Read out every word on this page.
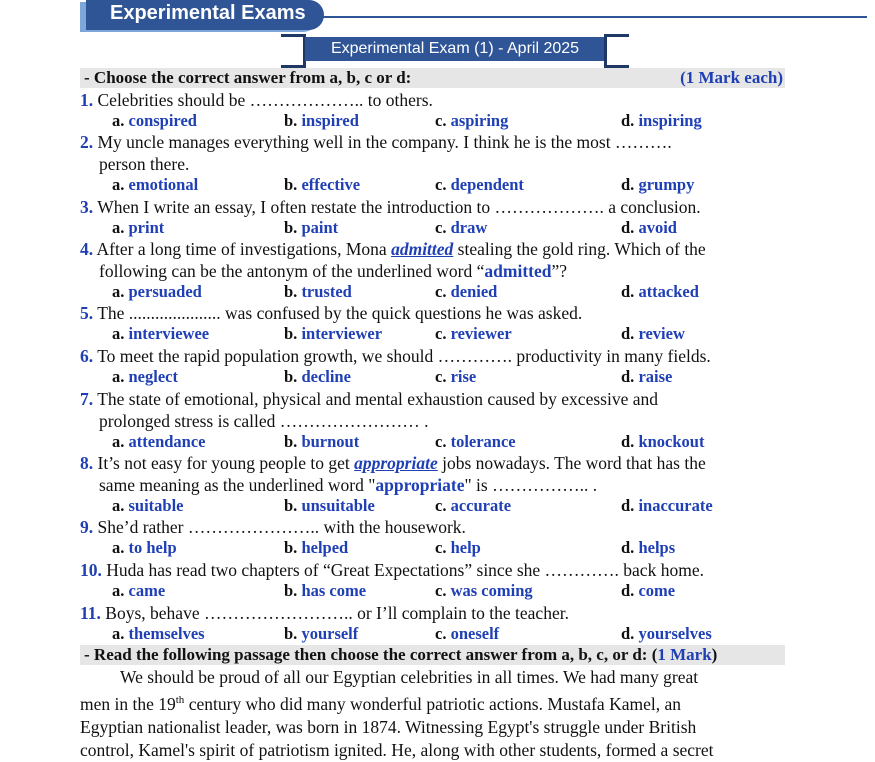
Experimental Exams
Experimental Exam (1) - April 2025
- Choose the correct answer from a, b, c or d:	(1 Mark each)
1. Celebrities should be ……………….. to others.
a. conspired	b. inspired	c. aspiring	d. inspiring
2. My uncle manages everything well in the company. I think he is the most ……….
person there.
a. emotional	b. effective	c. dependent	d. grumpy
3. When I write an essay, I often restate the introduction to ………………. a conclusion.
a. print	b. paint	c. draw	d. avoid
4. After a long time of investigations, Mona admitted stealing the gold ring. Which of the
following can be the antonym of the underlined word “admitted”?
a. persuaded	b. trusted	c. denied	d. attacked
5. The ..................... was confused by the quick questions he was asked.
a. interviewee	b. interviewer	c. reviewer	d. review
6. To meet the rapid population growth, we should …………. productivity in many fields.
a. neglect	b. decline	c. rise	d. raise
7. The state of emotional, physical and mental exhaustion caused by excessive and
prolonged stress is called …………………… .
a. attendance	b. burnout	c. tolerance	d. knockout
8. It’s not easy for young people to get appropriate jobs nowadays. The word that has the
same meaning as the underlined word "appropriate" is …………….. .
a. suitable	b. unsuitable	c. accurate	d. inaccurate
9. She’d rather ………………….. with the housework.
a. to help	b. helped	c. help	d. helps
10. Huda has read two chapters of “Great Expectations” since she …………. back home.
a. came	b. has come	c. was coming	d. come
11. Boys, behave …………………….. or I’ll complain to the teacher.
a. themselves	b. yourself	c. oneself	d. yourselves
- Read the following passage then choose the correct answer from a, b, c, or d: (1 Mark)
We should be proud of all our Egyptian celebrities in all times. We had many great
men in the 19th century who did many wonderful patriotic actions. Mustafa Kamel, an
Egyptian nationalist leader, was born in 1874. Witnessing Egypt's struggle under British
control, Kamel's spirit of patriotism ignited. He, along with other students, formed a secret
